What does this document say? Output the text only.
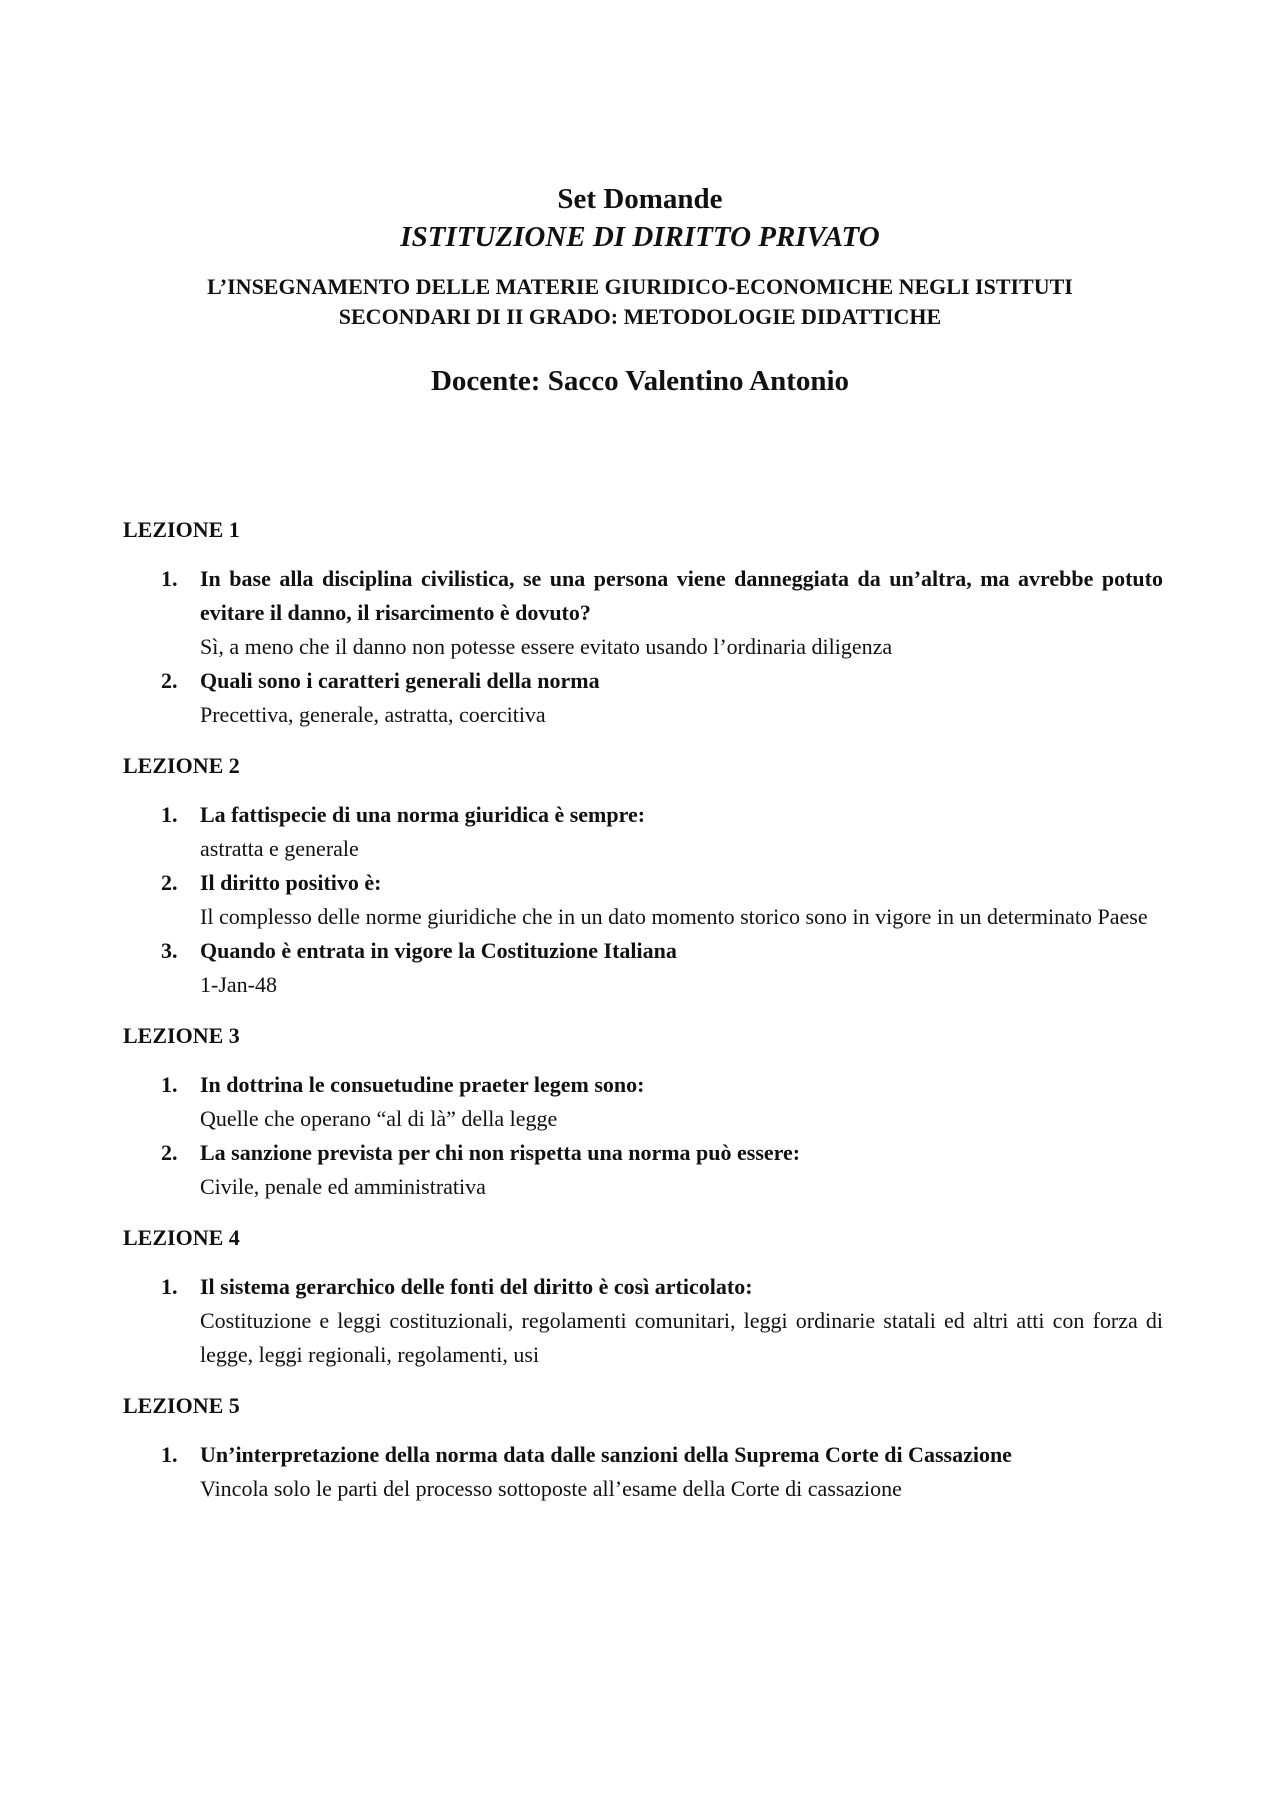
Set Domande

ISTITUZIONE DI DIRITTO PRIVATO

L’INSEGNAMENTO DELLE MATERIE GIURIDICO-ECONOMICHE NEGLI ISTITUTI
SECONDARI DI II GRADO: METODOLOGIE DIDATTICHE

Docente: Sacco Valentino Antonio

LEZIONE 1
1. In base alla disciplina civilistica, se una persona viene danneggiata da un’altra, ma avrebbe potuto evitare il danno, il risarcimento è dovuto?
Sì, a meno che il danno non potesse essere evitato usando l’ordinaria diligenza
2. Quali sono i caratteri generali della norma
Precettiva, generale, astratta, coercitiva
LEZIONE 2
1. La fattispecie di una norma giuridica è sempre:
astratta e generale
2. Il diritto positivo è:
Il complesso delle norme giuridiche che in un dato momento storico sono in vigore in un determinato Paese
3. Quando è entrata in vigore la Costituzione Italiana
1-Jan-48
LEZIONE 3
1. In dottrina le consuetudine praeter legem sono:
Quelle che operano “al di là” della legge
2. La sanzione prevista per chi non rispetta una norma può essere:
Civile, penale ed amministrativa
LEZIONE 4
1. Il sistema gerarchico delle fonti del diritto è così articolato:
Costituzione e leggi costituzionali, regolamenti comunitari, leggi ordinarie statali ed altri atti con forza di legge, leggi regionali, regolamenti, usi
LEZIONE 5
1. Un’interpretazione della norma data dalle sanzioni della Suprema Corte di Cassazione
Vincola solo le parti del processo sottoposte all’esame della Corte di cassazione
